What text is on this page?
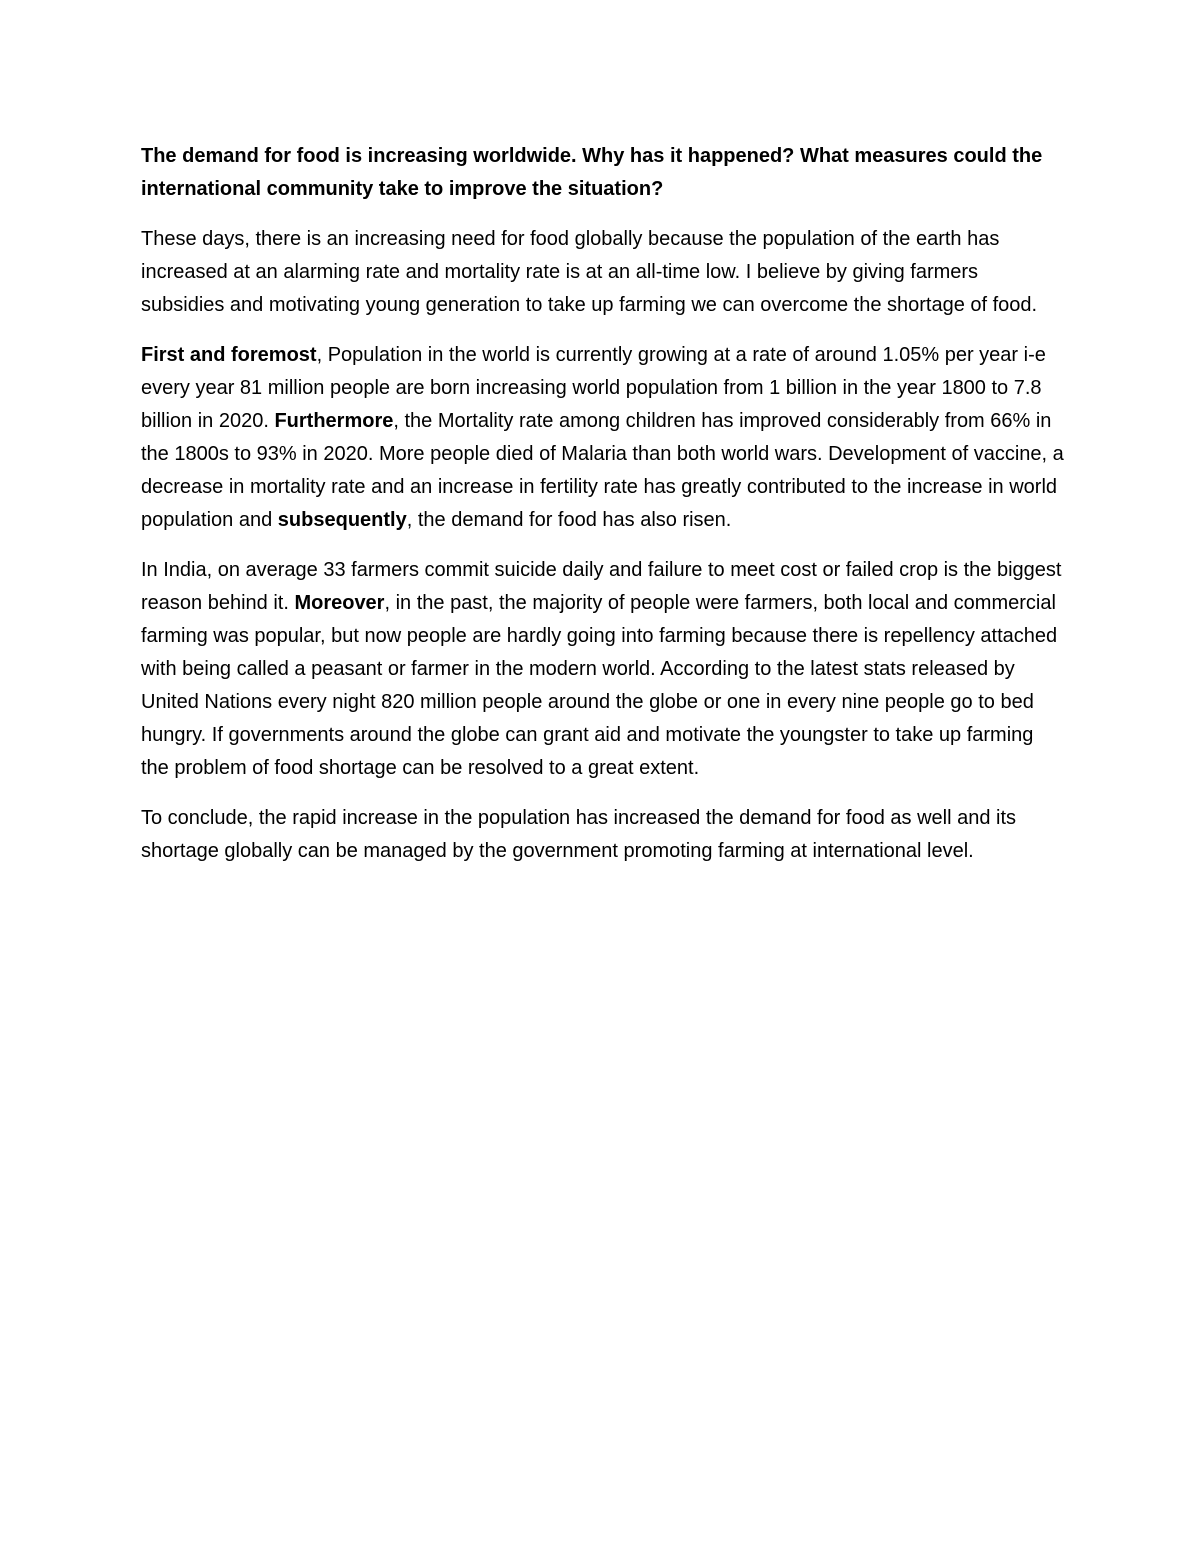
The demand for food is increasing worldwide. Why has it happened? What measures could the international community take to improve the situation?

These days, there is an increasing need for food globally because the population of the earth has increased at an alarming rate and mortality rate is at an all-time low. I believe by giving farmers subsidies and motivating young generation to take up farming we can overcome the shortage of food.

First and foremost, Population in the world is currently growing at a rate of around 1.05% per year i-e every year 81 million people are born increasing world population from 1 billion in the year 1800 to 7.8 billion in 2020. Furthermore, the Mortality rate among children has improved considerably from 66% in the 1800s to 93% in 2020. More people died of Malaria than both world wars. Development of vaccine, a decrease in mortality rate and an increase in fertility rate has greatly contributed to the increase in world population and subsequently, the demand for food has also risen.

In India, on average 33 farmers commit suicide daily and failure to meet cost or failed crop is the biggest reason behind it. Moreover, in the past, the majority of people were farmers, both local and commercial farming was popular, but now people are hardly going into farming because there is repellency attached with being called a peasant or farmer in the modern world. According to the latest stats released by United Nations every night 820 million people around the globe or one in every nine people go to bed hungry. If governments around the globe can grant aid and motivate the youngster to take up farming the problem of food shortage can be resolved to a great extent.

To conclude, the rapid increase in the population has increased the demand for food as well and its shortage globally can be managed by the government promoting farming at international level.
